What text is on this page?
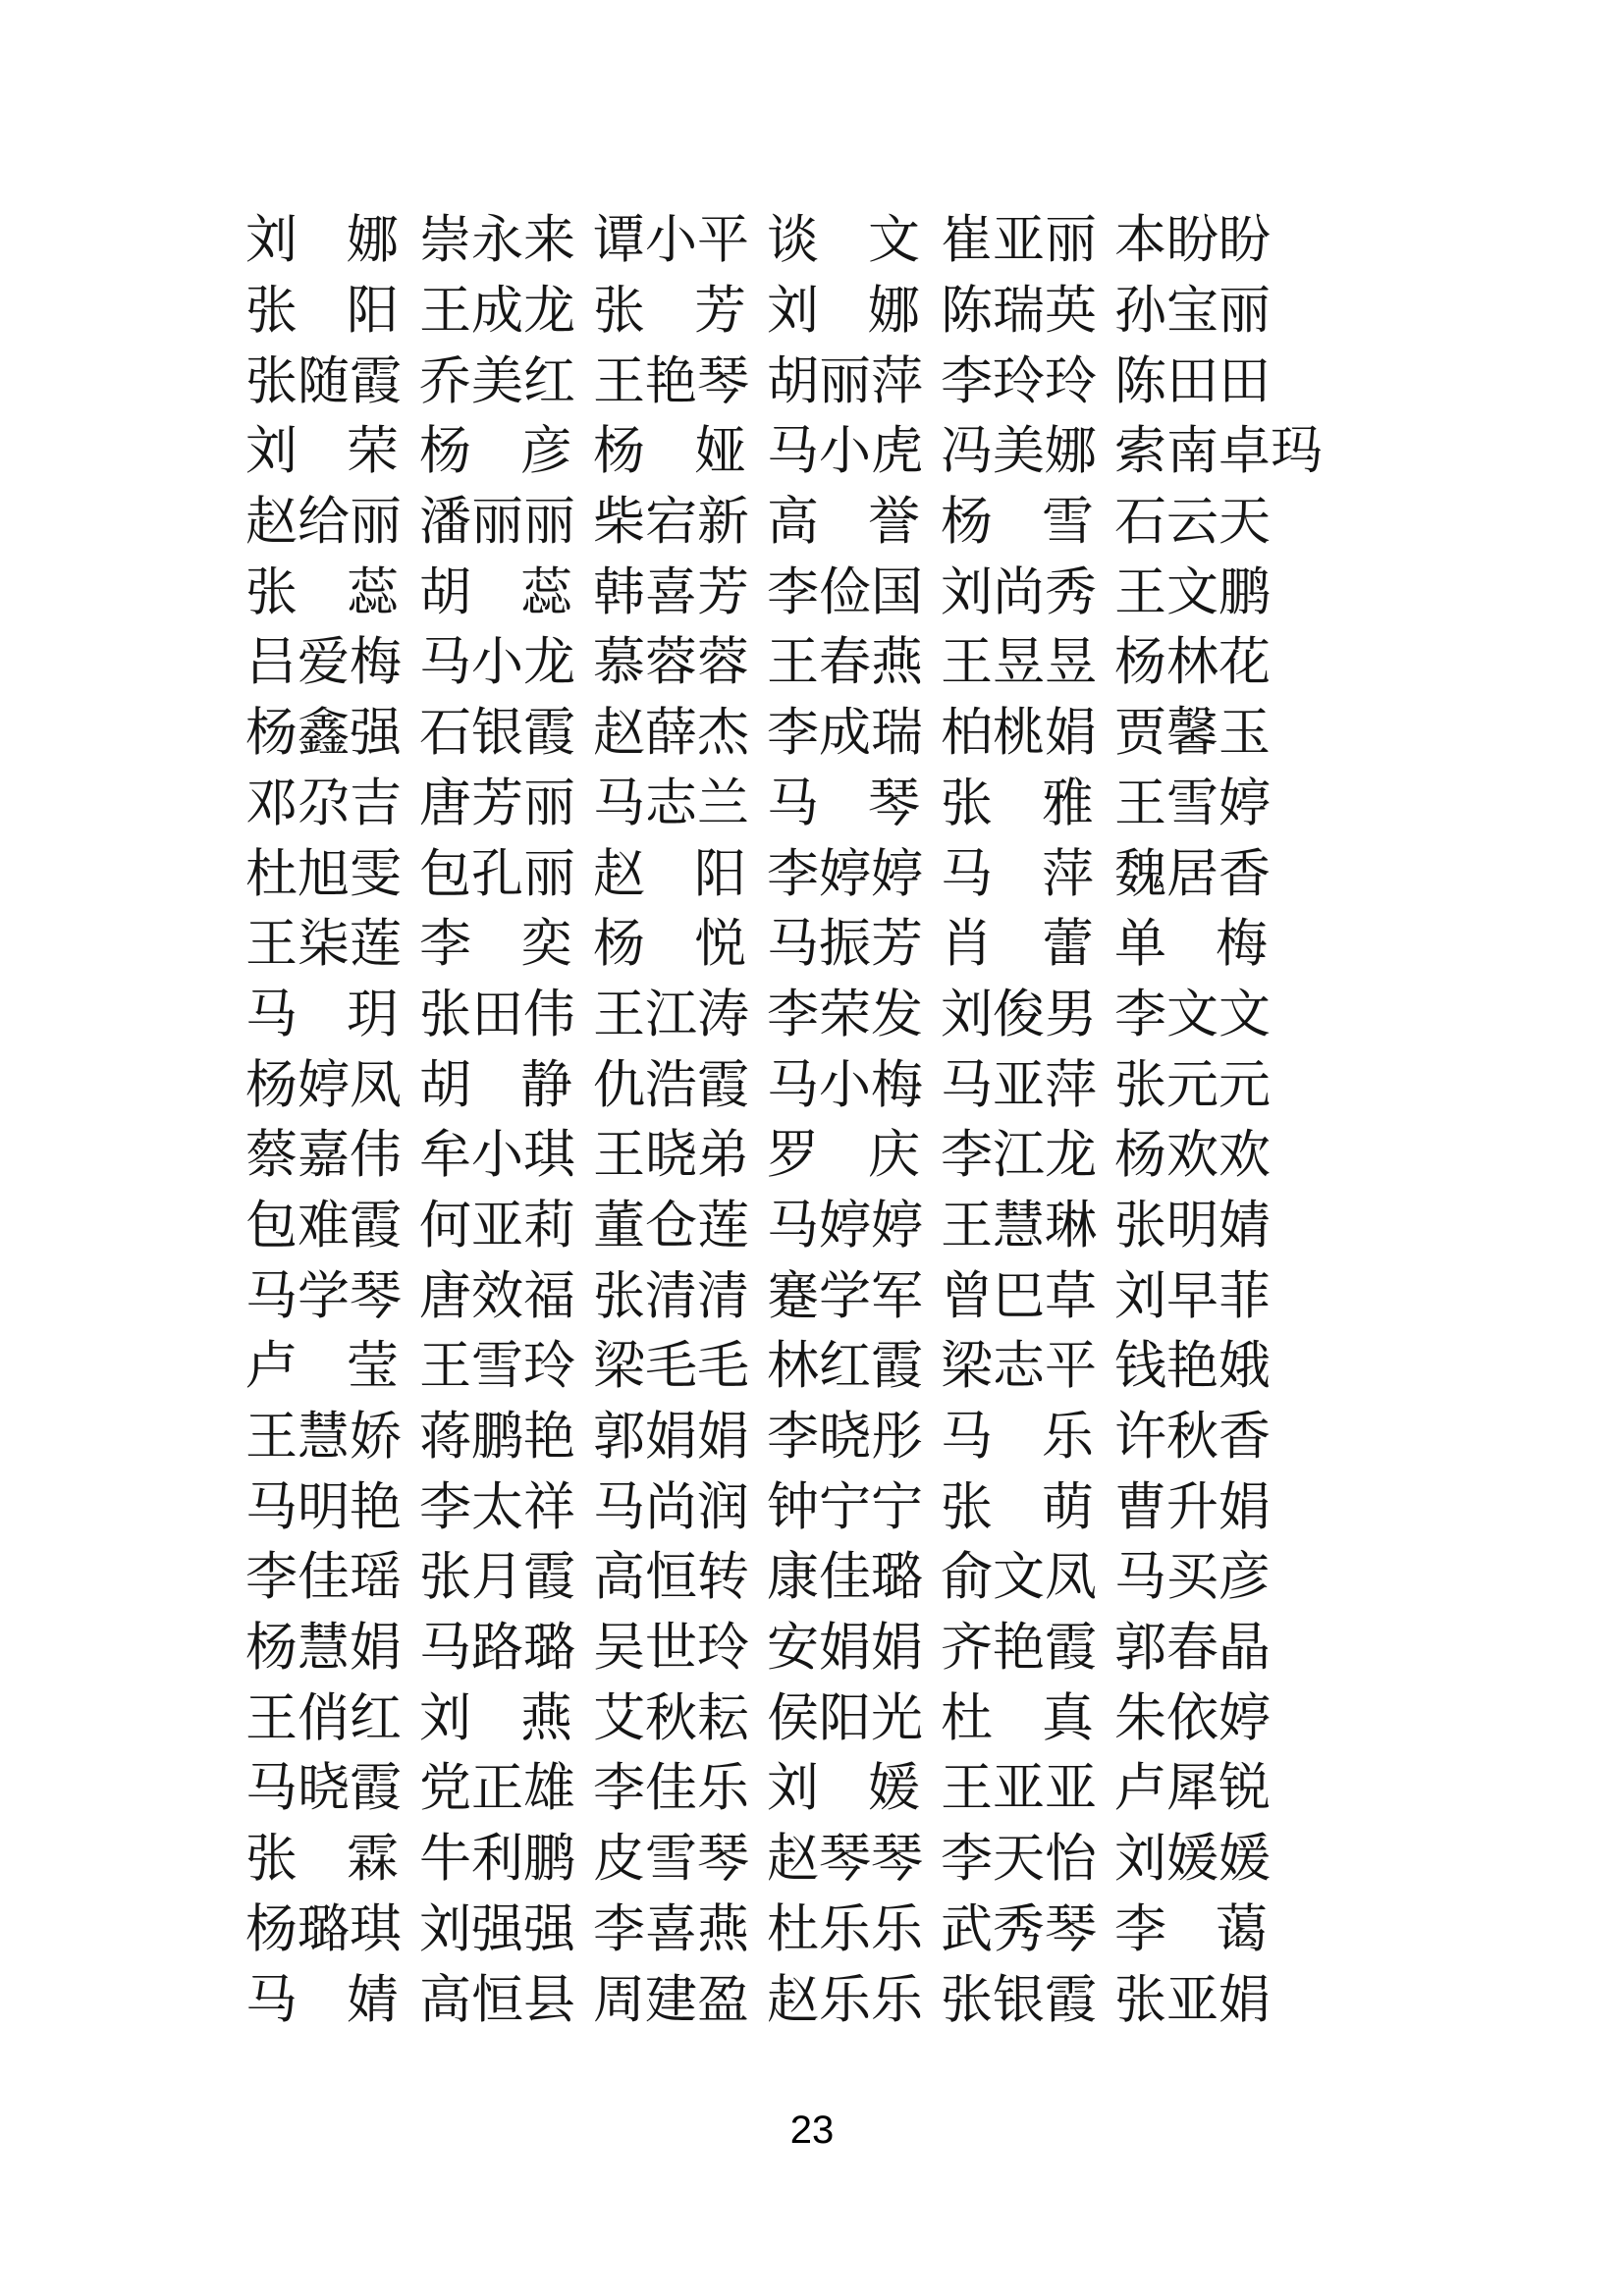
刘 娜 崇 永 来 谭 小 平 谈 文 崔 亚 丽 本 盼 盼
张 阳 王 成 龙 张 芳 刘 娜 陈 瑞 英 孙 宝 丽
张 随 霞 乔 美 红 王 艳 琴 胡 丽 萍 李 玲 玲 陈 田 田
刘 荣 杨 彦 杨 娅 马 小 虎 冯 美 娜 索 南 卓 玛
赵 给 丽 潘 丽 丽 柴 宕 新 高 誉 杨 雪 石 云 天
张 蕊 胡 蕊 韩 喜 芳 李 俭 国 刘 尚 秀 王 文 鹏
吕 爱 梅 马 小 龙 慕 蓉 蓉 王 春 燕 王 昱 昱 杨 林 花
杨 鑫 强 石 银 霞 赵 薛 杰 李 成 瑞 柏 桃 娟 贾 馨 玉
邓 尕 吉 唐 芳 丽 马 志 兰 马 琴 张 雅 王 雪 婷
杜 旭 雯 包 孔 丽 赵 阳 李 婷 婷 马 萍 魏 居 香
王 柒 莲 李 奕 杨 悦 马 振 芳 肖 蕾 单 梅
马 玥 张 田 伟 王 江 涛 李 荣 发 刘 俊 男 李 文 文
杨 婷 凤 胡 静 仇 浩 霞 马 小 梅 马 亚 萍 张 元 元
蔡 嘉 伟 牟 小 琪 王 晓 弟 罗 庆 李 江 龙 杨 欢 欢
包 难 霞 何 亚 莉 董 仓 莲 马 婷 婷 王 慧 琳 张 明 婧
马 学 琴 唐 效 福 张 清 清 蹇 学 军 曾 巴 草 刘 早 菲
卢 莹 王 雪 玲 梁 毛 毛 林 红 霞 梁 志 平 钱 艳 娥
王 慧 娇 蒋 鹏 艳 郭 娟 娟 李 晓 彤 马 乐 许 秋 香
马 明 艳 李 太 祥 马 尚 润 钟 宁 宁 张 萌 曹 升 娟
李 佳 瑶 张 月 霞 高 恒 转 康 佳 璐 俞 文 凤 马 买 彦
杨 慧 娟 马 路 璐 吴 世 玲 安 娟 娟 齐 艳 霞 郭 春 晶
王 俏 红 刘 燕 艾 秋 耘 侯 阳 光 杜 真 朱 依 婷
马 晓 霞 党 正 雄 李 佳 乐 刘 媛 王 亚 亚 卢 犀 锐
张 霖 牛 利 鹏 皮 雪 琴 赵 琴 琴 李 天 怡 刘 媛 媛
杨 璐 琪 刘 强 强 李 喜 燕 杜 乐 乐 武 秀 琴 李 蔼
马 婧 高 恒 县 周 建 盈 赵 乐 乐 张 银 霞 张 亚 娟
23
